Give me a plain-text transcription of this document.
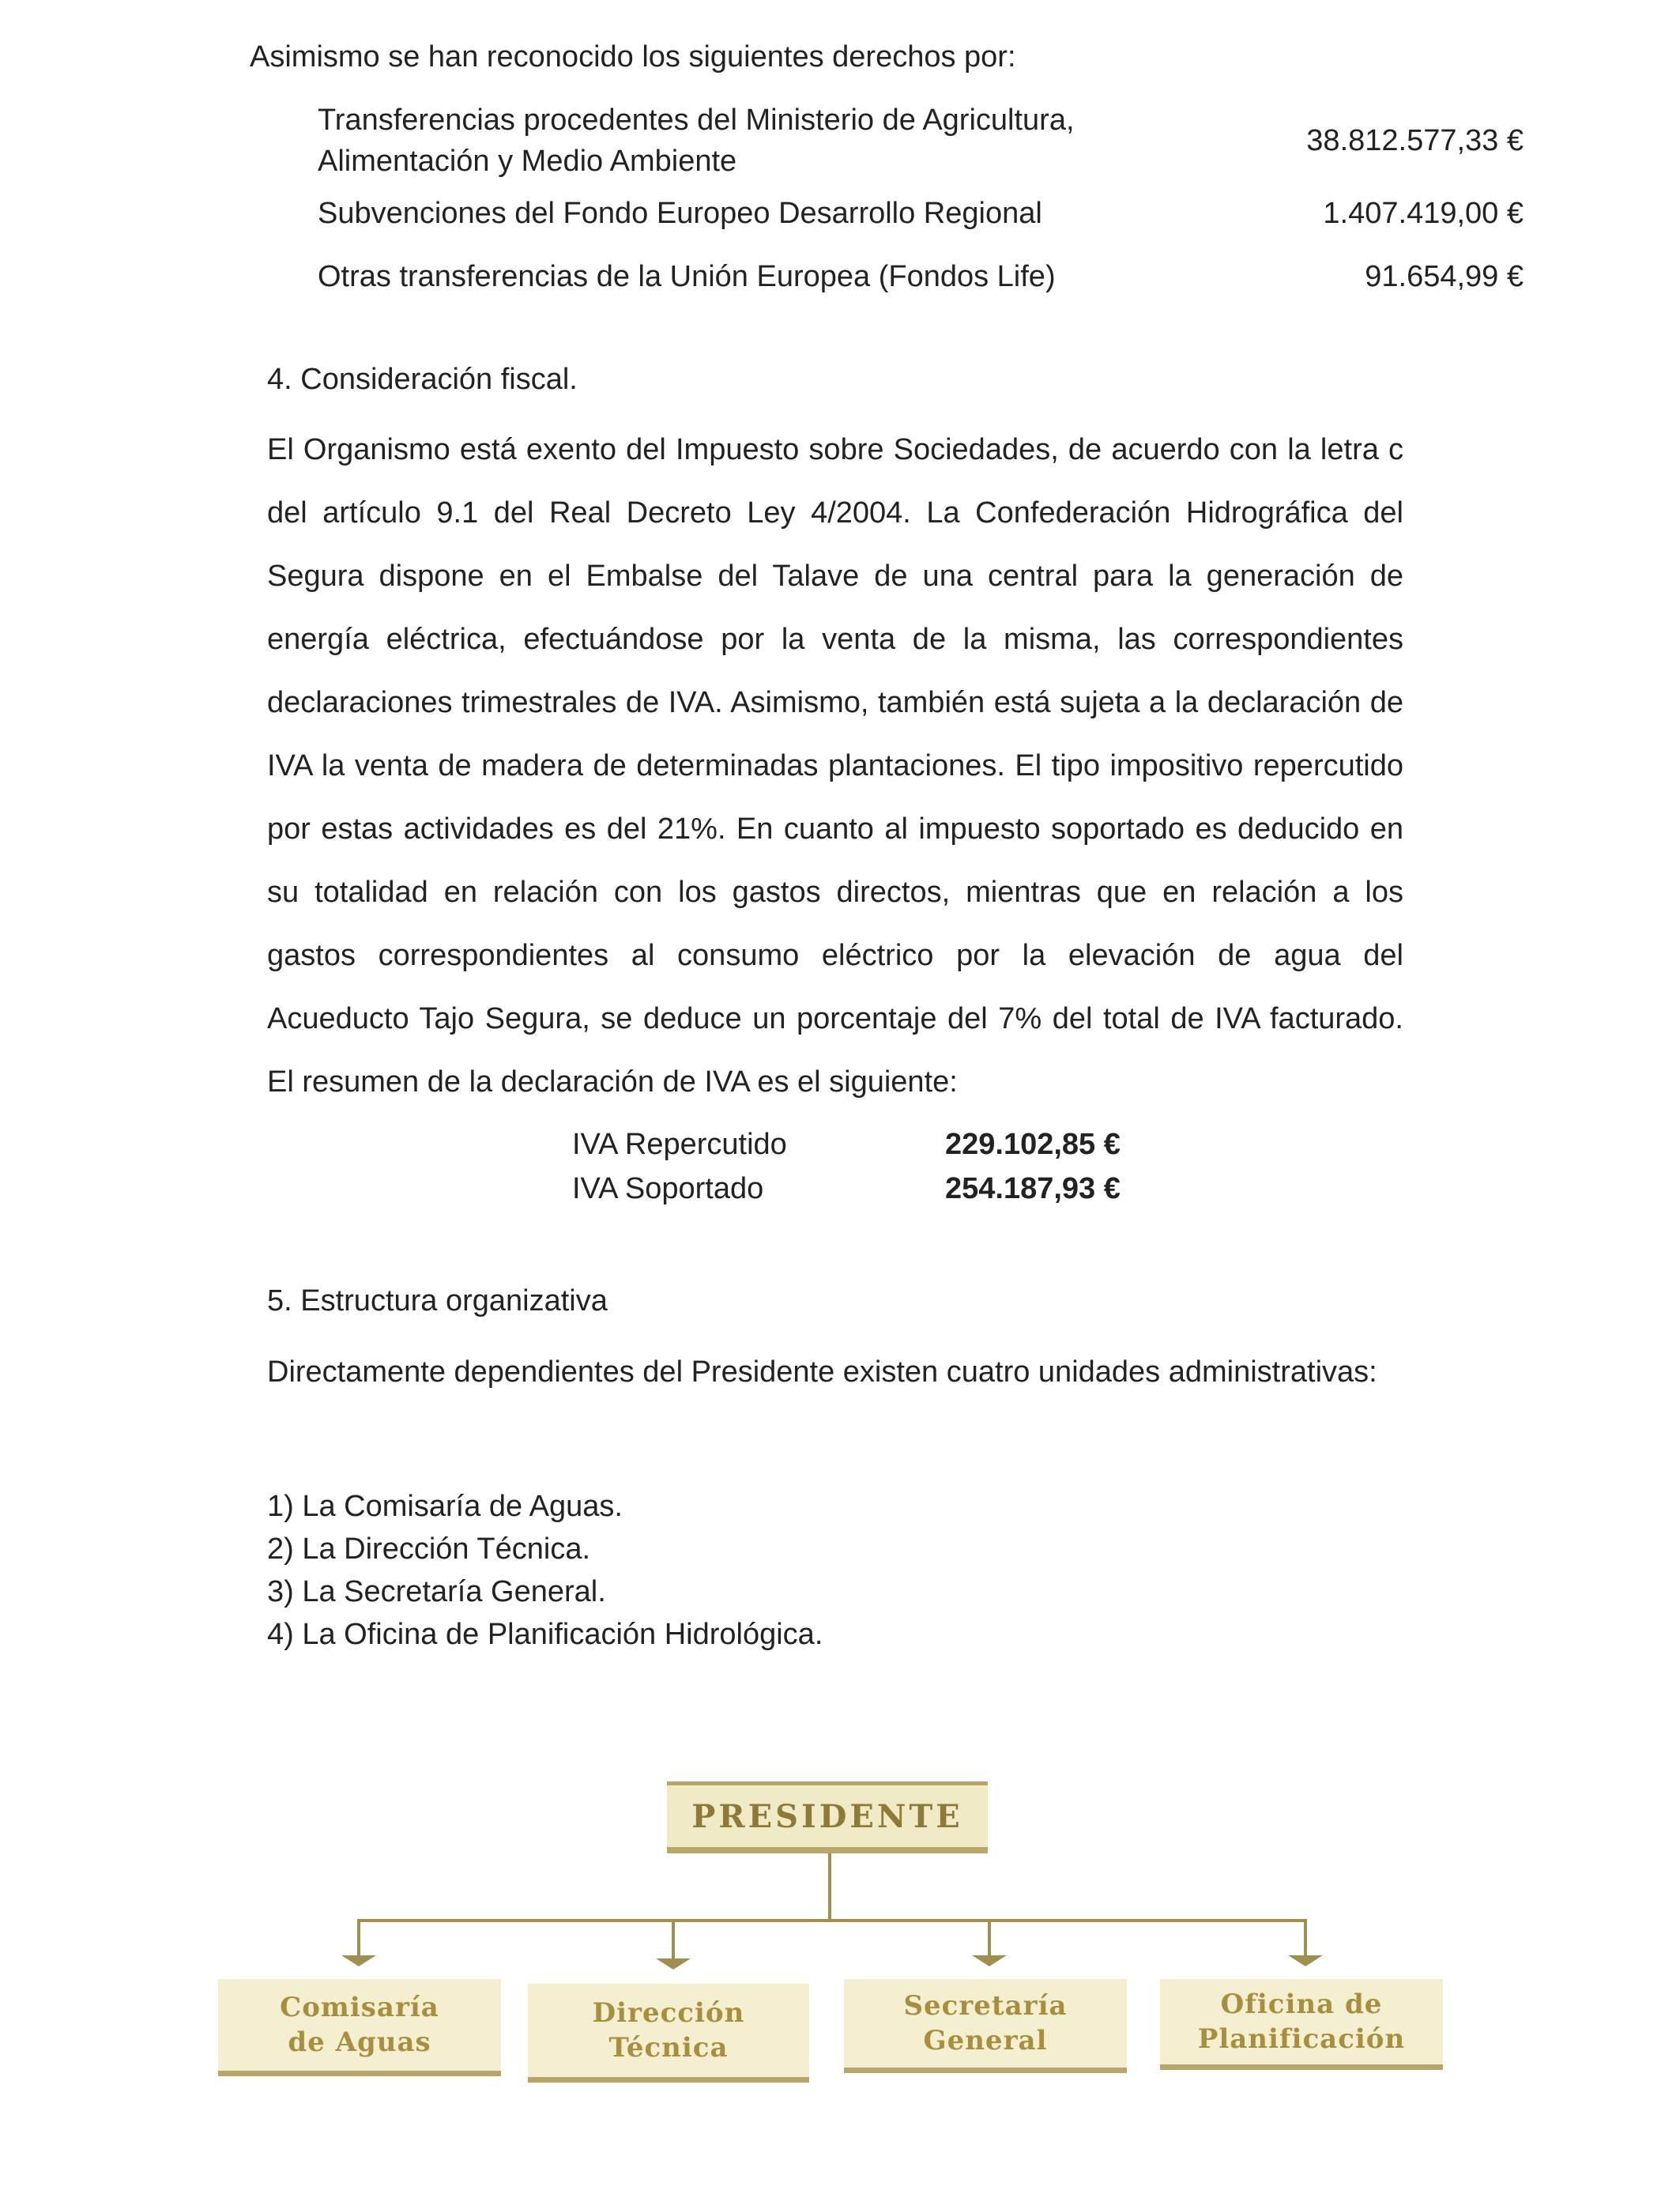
Asimismo se han reconocido los siguientes derechos por:
Transferencias procedentes del Ministerio de Agricultura,
Alimentación y Medio Ambiente
38.812.577,33 €
Subvenciones del Fondo Europeo Desarrollo Regional	1.407.419,00 €
Otras transferencias de la Unión Europea (Fondos Life)	91.654,99 €
4. Consideración fiscal.
El Organismo está exento del Impuesto sobre Sociedades, de acuerdo con la letra c del artículo 9.1 del Real Decreto Ley 4/2004. La Confederación Hidrográfica del Segura dispone en el Embalse del Talave de una central para la generación de energía eléctrica, efectuándose por la venta de la misma, las correspondientes declaraciones trimestrales de IVA. Asimismo, también está sujeta a la declaración de IVA la venta de madera de determinadas plantaciones. El tipo impositivo repercutido por estas actividades es del 21%. En cuanto al impuesto soportado es deducido en su totalidad en relación con los gastos directos, mientras que en relación a los gastos correspondientes al consumo eléctrico por la elevación de agua del Acueducto Tajo Segura, se deduce un porcentaje del 7% del total de IVA facturado. El resumen de la declaración de IVA es el siguiente:
IVA Repercutido	229.102,85 €
IVA Soportado	254.187,93 €
5. Estructura organizativa
Directamente dependientes del Presidente existen cuatro unidades administrativas:
1) La Comisaría de Aguas.
2) La Dirección Técnica.
3) La Secretaría General.
4) La Oficina de Planificación Hidrológica.
PRESIDENTE
Comisaría
de Aguas
Dirección
Técnica
Secretaría
General
Oficina de
Planificación
